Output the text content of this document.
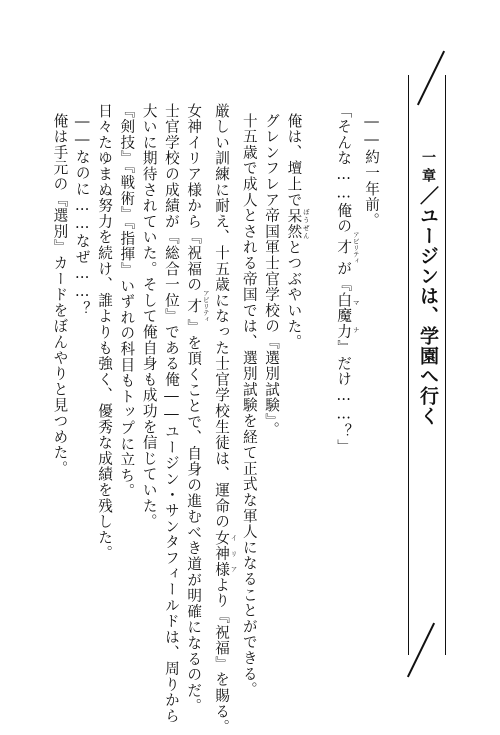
一章／ユージンは、学園へ行く
――約一年前。
「そんな……俺の才 アビリティが『白魔力 マナ』だけ……？」
俺は、壇上で呆然 ぼうぜんとつぶやいた。
グレンフレア帝国軍士官学校の『選別試験』。
十五歳で成人とされる帝国では、選別試験を経て正式な軍人になることができる。
厳しい訓練に耐え、十五歳になった士官学校生徒は、運命の女神様 イリアより『祝福』を賜る。
女神イリア様から『祝福の才 アビリティ』を頂くことで、自身の進むべき道が明確になるのだ。
士官学校の成績が『総合一位』である俺――ユージン・サンタフィールドは、周りから
大いに期待されていた。そして俺自身も成功を信じていた。
『剣技』『戦術』『指揮』いずれの科目もトップに立ち。
日々たゆまぬ努力を続け、誰よりも強く、優秀な成績を残した。
――なのに……なぜ……？
俺は手元の『選別』カードをぼんやりと見つめた。
